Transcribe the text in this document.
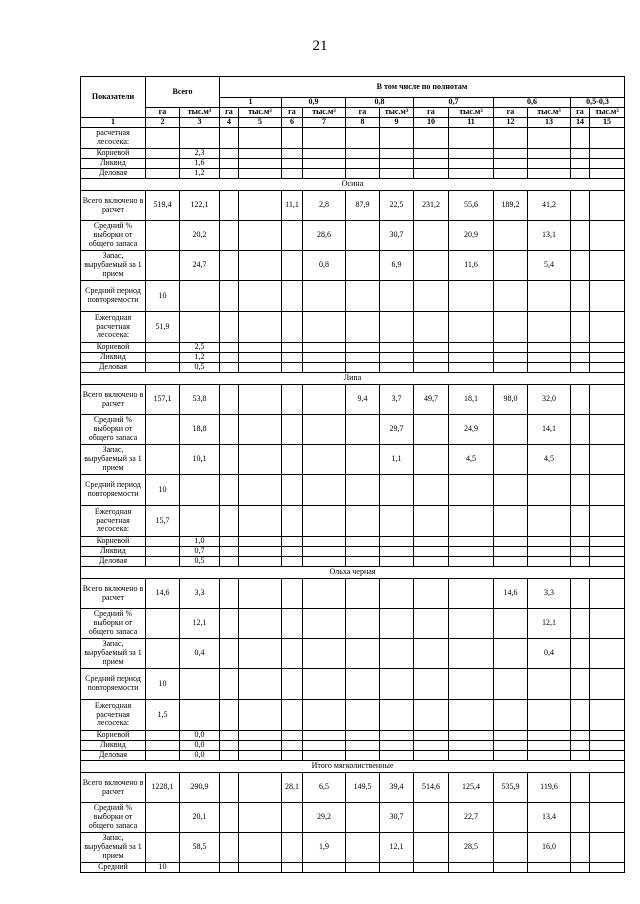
21
Показатели	Всего		В том числе по полнотам											
			1		0,9		0,8		0,7		0,6		0,5-0,3	
	га	тыс.м³	га	тыс.м³	га	тыс.м³	га	тыс.м³	га	тыс.м³	га	тыс.м³	га	тыс.м³
1	2	3	4	5	6	7	8	9	10	11	12	13	14	15
расчетная лесосека:														
Корневой		2,3												
Ликвид		1,6												
Деловая		1,2												
Осина														
Всего включено в расчет	519,4	122,1			11,1	2,8	87,9	22,5	231,2	55,6	189,2	41,2		
Средний % выборки от общего запаса		20,2				28,6		30,7		20,9		13,1		
Запас, вырубаемый за 1 прием		24,7				0,8		6,9		11,6		5,4		
Средний период повторяемости	10													
Ежегодная расчетная лесосека:	51,9													
Корневой		2,5												
Ликвид		1,2												
Деловая		0,5												
Липа														
Всего включено в расчет	157,1	53,8					9,4	3,7	49,7	18,1	98,0	32,0		
Средний % выборки от общего запаса		18,8						29,7		24,9		14,1		
Запас, вырубаемый за 1 прием		10,1						1,1		4,5		4,5		
Средний период повторяемости	10													
Ежегодная расчетная лесосека:	15,7													
Корневой		1,0												
Ликвид		0,7												
Деловая		0,5												
Ольха черная														
Всего включено в расчет	14,6	3,3									14,6	3,3		
Средний % выборки от общего запаса		12,1										12,1		
Запас, вырубаемый за 1 прием		0,4										0,4		
Средний период повторяемости	10													
Ежегодная расчетная лесосека:	1,5													
Корневой		0,0												
Ликвид		0,0												
Деловая		0,0												
Итого мягколиственные														
Всего включено в расчет	1228,1	290,9			28,1	6,5	149,5	39,4	514,6	125,4	535,9	119,6		
Средний % выборки от общего запаса		20,1				29,2		30,7		22,7		13,4		
Запас, вырубаемый за 1 прием		58,5				1,9		12,1		28,5		16,0		
Средний	10													
